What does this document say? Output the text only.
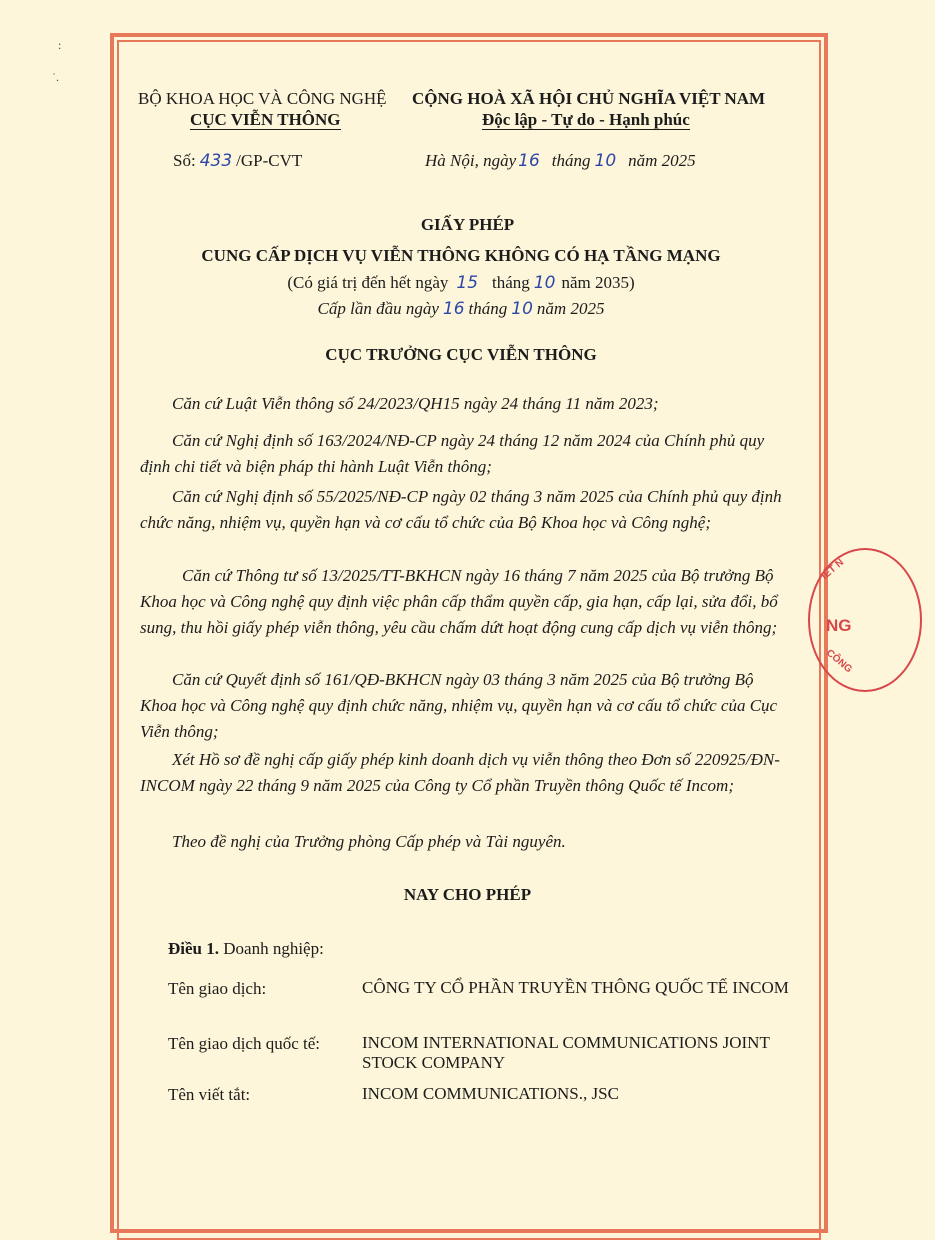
:
˙.
BỘ KHOA HỌC VÀ CÔNG NGHỆ
CỤC VIỄN THÔNG
Số: 433 /GP-CVT
CỘNG HOÀ XÃ HỘI CHỦ NGHĨA VIỆT NAM
Độc lập - Tự do - Hạnh phúc
Hà Nội, ngày 16 tháng 10 năm 2025
GIẤY PHÉP
CUNG CẤP DỊCH VỤ VIỄN THÔNG KHÔNG CÓ HẠ TẦNG MẠNG
(Có giá trị đến hết ngày 15 tháng 10 năm 2035)
Cấp lần đầu ngày 16 tháng 10 năm 2025
CỤC TRƯỞNG CỤC VIỄN THÔNG
Căn cứ Luật Viễn thông số 24/2023/QH15 ngày 24 tháng 11 năm 2023;
Căn cứ Nghị định số 163/2024/NĐ-CP ngày 24 tháng 12 năm 2024 của Chính phủ quy định chi tiết và biện pháp thi hành Luật Viễn thông;
Căn cứ Nghị định số 55/2025/NĐ-CP ngày 02 tháng 3 năm 2025 của Chính phủ quy định chức năng, nhiệm vụ, quyền hạn và cơ cấu tổ chức của Bộ Khoa học và Công nghệ;
Căn cứ Thông tư số 13/2025/TT-BKHCN ngày 16 tháng 7 năm 2025 của Bộ trưởng Bộ Khoa học và Công nghệ quy định việc phân cấp thẩm quyền cấp, gia hạn, cấp lại, sửa đổi, bổ sung, thu hồi giấy phép viễn thông, yêu cầu chấm dứt hoạt động cung cấp dịch vụ viễn thông;
Căn cứ Quyết định số 161/QĐ-BKHCN ngày 03 tháng 3 năm 2025 của Bộ trưởng Bộ Khoa học và Công nghệ quy định chức năng, nhiệm vụ, quyền hạn và cơ cấu tổ chức của Cục Viễn thông;
Xét Hồ sơ đề nghị cấp giấy phép kinh doanh dịch vụ viễn thông theo Đơn số 220925/ĐN-INCOM ngày 22 tháng 9 năm 2025 của Công ty Cổ phần Truyền thông Quốc tế Incom;
Theo đề nghị của Trưởng phòng Cấp phép và Tài nguyên.
NAY CHO PHÉP
Điều 1. Doanh nghiệp:
Tên giao dịch:	CÔNG TY CỔ PHẦN TRUYỀN THÔNG QUỐC TẾ INCOM
Tên giao dịch quốc tế: INCOM INTERNATIONAL COMMUNICATIONS JOINT STOCK COMPANY
Tên viết tắt:	INCOM COMMUNICATIONS., JSC
IẾT N
NG
CÔNG
